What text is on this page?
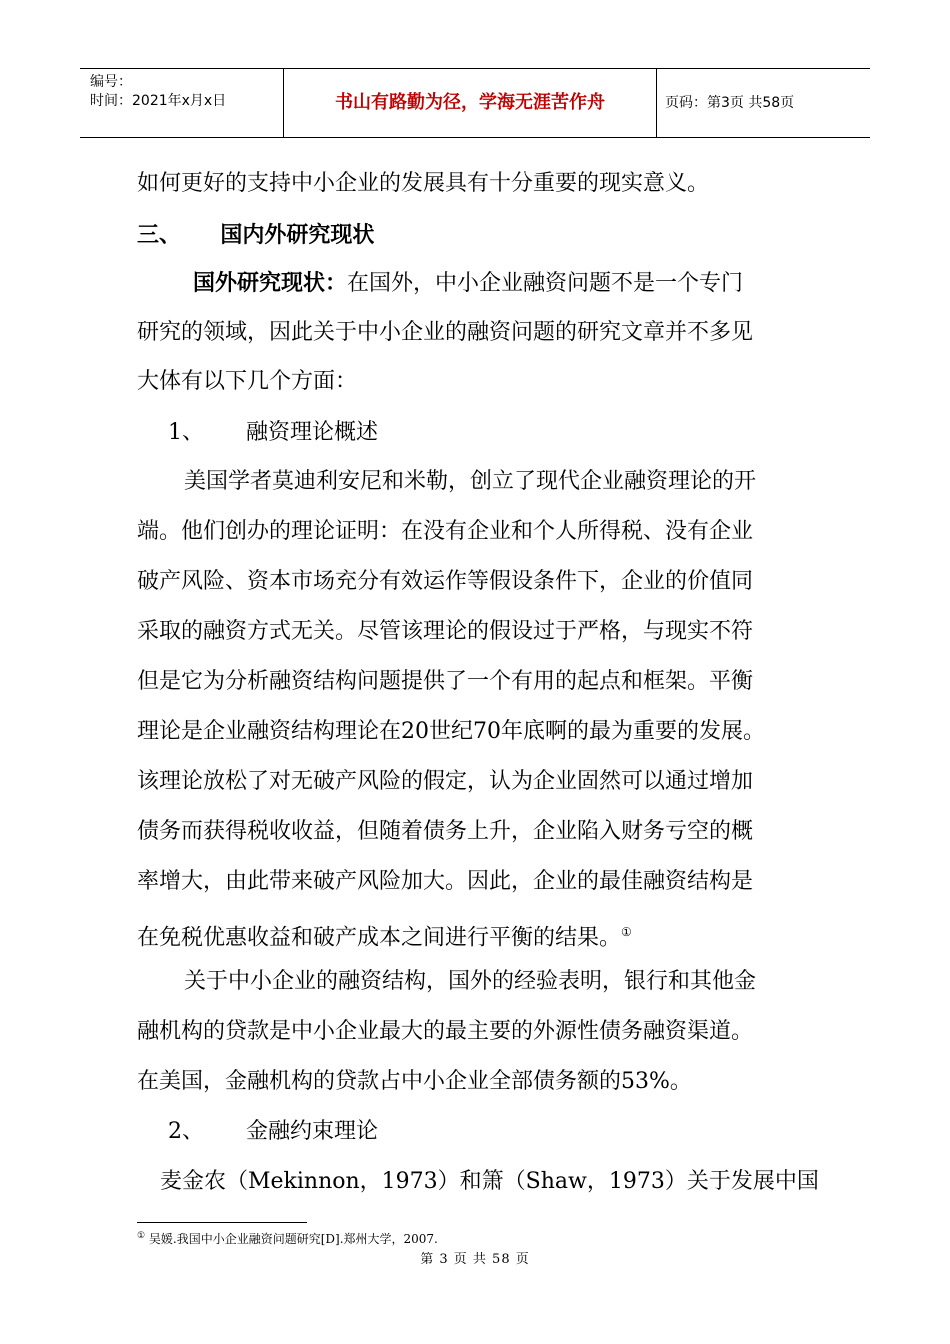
编号：
时间：2021年x月x日	书山有路勤为径，学海无涯苦作舟	页码：第3页 共58页
如何更好的支持中小企业的发展具有十分重要的现实意义。
三、 国内外研究现状
国外研究现状：在国外，中小企业融资问题不是一个专门
研究的领域，因此关于中小企业的融资问题的研究文章并不多见
大体有以下几个方面：
1、 融资理论概述
美国学者莫迪利安尼和米勒，创立了现代企业融资理论的开
端。他们创办的理论证明：在没有企业和个人所得税、没有企业
破产风险、资本市场充分有效运作等假设条件下，企业的价值同
采取的融资方式无关。尽管该理论的假设过于严格，与现实不符
但是它为分析融资结构问题提供了一个有用的起点和框架。平衡
理论是企业融资结构理论在20世纪70年底啊的最为重要的发展。
该理论放松了对无破产风险的假定，认为企业固然可以通过增加
债务而获得税收收益，但随着债务上升，企业陷入财务亏空的概
率增大，由此带来破产风险加大。因此，企业的最佳融资结构是
在免税优惠收益和破产成本之间进行平衡的结果。①
关于中小企业的融资结构，国外的经验表明，银行和其他金
融机构的贷款是中小企业最大的最主要的外源性债务融资渠道。
在美国，金融机构的贷款占中小企业全部债务额的53%。
2、 金融约束理论
麦金农（Mekinnon，1973）和箫（Shaw，1973）关于发展中国
① 吴媛.我国中小企业融资问题研究[D].郑州大学，2007.
第 3 页 共 58 页
